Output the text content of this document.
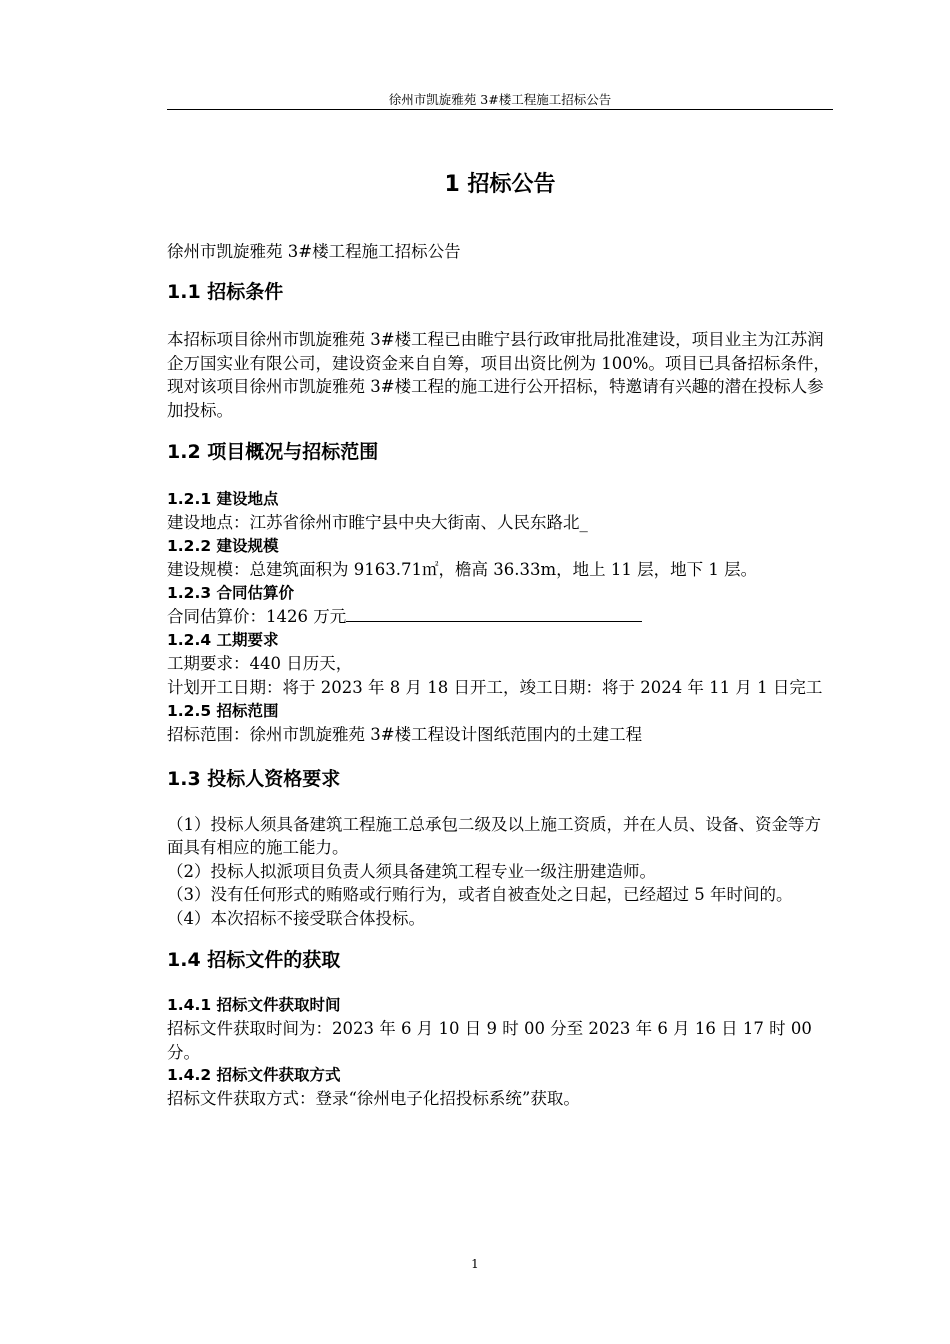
徐州市凯旋雅苑 3#楼工程施工招标公告
1 招标公告

徐州市凯旋雅苑 3#楼工程施工招标公告

1.1 招标条件

本招标项目徐州市凯旋雅苑 3#楼工程已由睢宁县行政审批局批准建设，项目业主为江苏润企万国实业有限公司，建设资金来自自筹，项目出资比例为 100%。项目已具备招标条件，现对该项目徐州市凯旋雅苑 3#楼工程的施工进行公开招标，特邀请有兴趣的潜在投标人参加投标。

1.2 项目概况与招标范围

1.2.1 建设地点

建设地点：江苏省徐州市睢宁县中央大街南、人民东路北_

1.2.2 建设规模

建设规模：总建筑面积为 9163.71㎡，檐高 36.33m，地上 11 层，地下 1 层。

1.2.3 合同估算价

合同估算价：1426 万元

1.2.4 工期要求

工期要求：440 日历天，

计划开工日期：将于 2023 年 8 月 18 日开工，竣工日期：将于 2024 年 11 月 1 日完工

1.2.5 招标范围

招标范围：徐州市凯旋雅苑 3#楼工程设计图纸范围内的土建工程

1.3 投标人资格要求

（1）投标人须具备建筑工程施工总承包二级及以上施工资质，并在人员、设备、资金等方面具有相应的施工能力。

（2）投标人拟派项目负责人须具备建筑工程专业一级注册建造师。

（3）没有任何形式的贿赂或行贿行为，或者自被查处之日起，已经超过 5 年时间的。

（4）本次招标不接受联合体投标。

1.4 招标文件的获取

1.4.1 招标文件获取时间

招标文件获取时间为：2023 年 6 月 10 日 9 时 00 分至 2023 年 6 月 16 日 17 时 00 分。

1.4.2 招标文件获取方式

招标文件获取方式：登录“徐州电子化招投标系统”获取。

1
